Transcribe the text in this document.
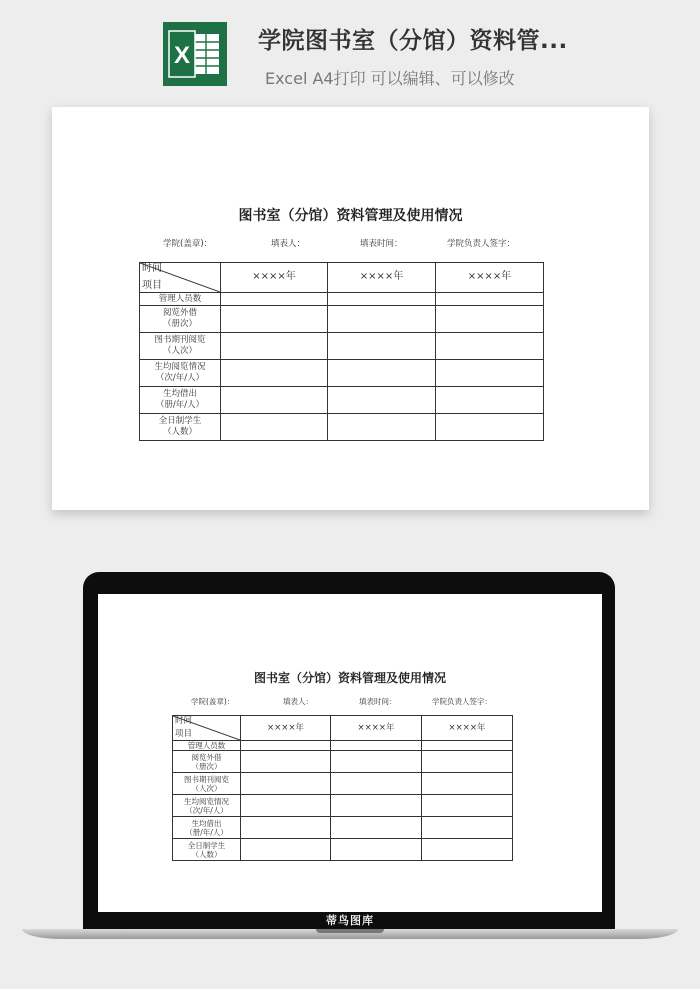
X
学院图书室（分馆）资料管...
Excel A4打印 可以编辑、可以修改
图书室（分馆）资料管理及使用情况
学院(盖章)：	填表人：	填表时间：	学院负责人签字：
时间
项目	××××年	××××年	××××年
管理人员数			
阅览外借
（册次）			
图书期刊阅览
（人次）			
生均阅览情况
（次/年/人）			
生均借出
（册/年/人）			
全日制学生
（人数）			
图书室（分馆）资料管理及使用情况
学院(盖章)：	填表人：	填表时间：	学院负责人签字：
时间
项目	××××年	××××年	××××年
管理人员数			
阅览外借
（册次）			
图书期刊阅览
（人次）			
生均阅览情况
（次/年/人）			
生均借出
（册/年/人）			
全日制学生
（人数）			
蒂鸟图库
